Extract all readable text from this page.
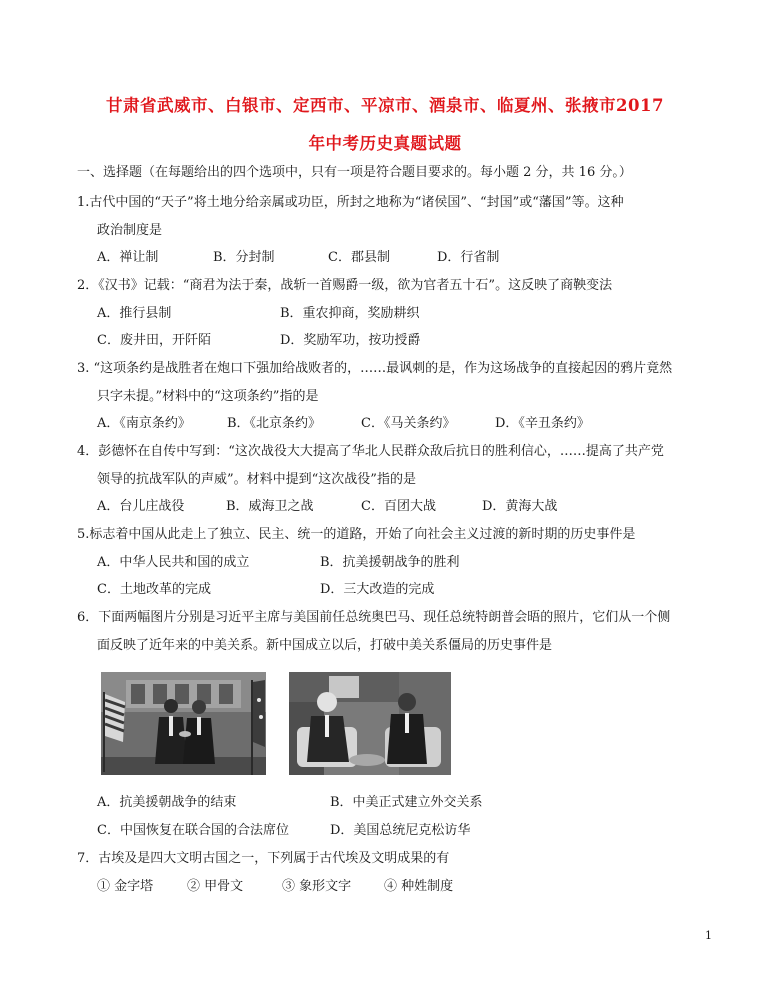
甘肃省武威市、白银市、定西市、平凉市、酒泉市、临夏州、张掖市2017
年中考历史真题试题
一、选择题（在每题给出的四个选项中，只有一项是符合题目要求的。每小题 2 分，共 16 分。）
1.古代中国的“天子”将土地分给亲属或功臣，所封之地称为“诸侯国”、“封国”或“藩国”等。这种
政治制度是
A．禅让制	B．分封制	C．郡县制	D．行省制
2．《汉书》记载：“商君为法于秦，战斩一首赐爵一级，欲为官者五十石”。这反映了商鞅变法
A．推行县制	B．重农抑商，奖励耕织
C．废井田，开阡陌	D．奖励军功，按功授爵
3. “这项条约是战胜者在炮口下强加给战败者的，……最讽刺的是，作为这场战争的直接起因的鸦片竟然
只字未提。”材料中的“这项条约”指的是
A．《南京条约》	B．《北京条约》	C．《马关条约》	D．《辛丑条约》
4．彭德怀在自传中写到：“这次战役大大提高了华北人民群众敌后抗日的胜利信心，……提高了共产党
领导的抗战军队的声威”。材料中提到“这次战役”指的是
A．台儿庄战役	B．威海卫之战	C．百团大战	D．黄海大战
5.标志着中国从此走上了独立、民主、统一的道路，开始了向社会主义过渡的新时期的历史事件是
A．中华人民共和国的成立	B．抗美援朝战争的胜利
C．土地改革的完成	D．三大改造的完成
6．下面两幅图片分别是习近平主席与美国前任总统奥巴马、现任总统特朗普会晤的照片，它们从一个侧
面反映了近年来的中美关系。新中国成立以后，打破中美关系僵局的历史事件是
A．抗美援朝战争的结束	B．中美正式建立外交关系
C．中国恢复在联合国的合法席位	D．美国总统尼克松访华
7．古埃及是四大文明古国之一，下列属于古代埃及文明成果的有
① 金字塔	② 甲骨文	③ 象形文字	④ 种姓制度
1
